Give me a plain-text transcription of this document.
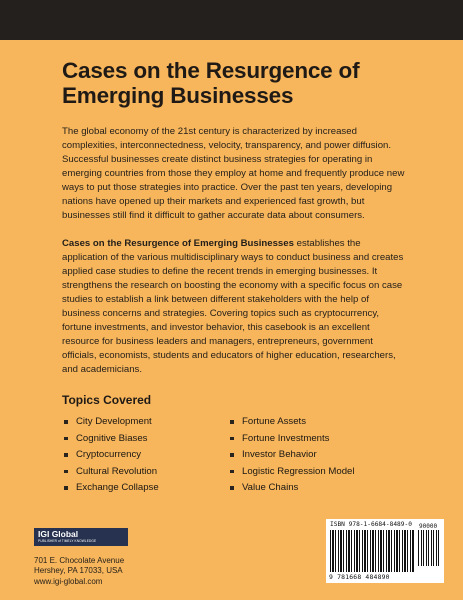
Cases on the Resurgence of Emerging Businesses

The global economy of the 21st century is characterized by increased complexities, interconnectedness, velocity, transparency, and power diffusion. Successful businesses create distinct business strategies for operating in emerging countries from those they employ at home and frequently produce new ways to put those strategies into practice. Over the past ten years, developing nations have opened up their markets and experienced fast growth, but businesses still find it difficult to gather accurate data about consumers.

Cases on the Resurgence of Emerging Businesses establishes the application of the various multidisciplinary ways to conduct business and creates applied case studies to define the recent trends in emerging businesses. It strengthens the research on boosting the economy with a specific focus on case studies to establish a link between different stakeholders with the help of business concerns and strategies. Covering topics such as cryptocurrency, fortune investments, and investor behavior, this casebook is an excellent resource for business leaders and managers, entrepreneurs, government officials, economists, students and educators of higher education, researchers, and academicians.

Topics Covered
City Development
Cognitive Biases
Cryptocurrency
Cultural Revolution
Exchange Collapse
Fortune Assets
Fortune Investments
Investor Behavior
Logistic Regression Model
Value Chains
IGI Global
PUBLISHER of TIMELY KNOWLEDGE
701 E. Chocolate Avenue
Hershey, PA 17033, USA
www.igi-global.com
ISBN 978-1-6684-8489-0 90000
9 781668 484890
